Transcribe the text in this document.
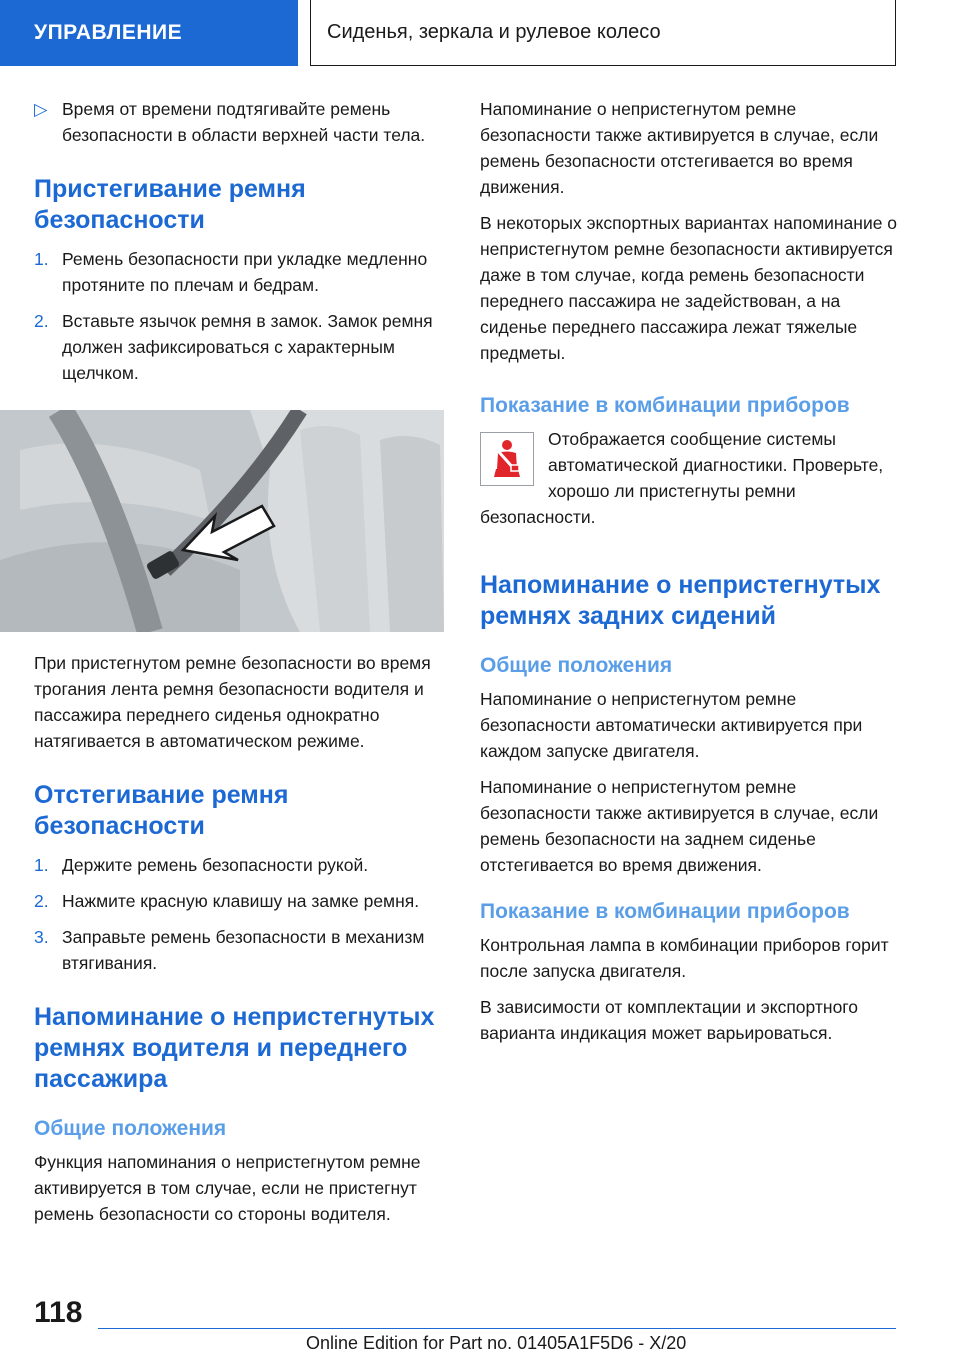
УПРАВЛЕНИЕ	Сиденья, зеркала и рулевое колесо
▷ Время от времени подтягивайте ремень безопасности в области верхней части тела.
Пристегивание ремня безопасности
1. Ремень безопасности при укладке медленно протяните по плечам и бедрам.
2. Вставьте язычок ремня в замок. Замок ремня должен зафиксироваться с характерным щелчком.

При пристегнутом ремне безопасности во время трогания лента ремня безопасности водителя и пассажира переднего сиденья однократно натягивается в автоматическом режиме.

Отстегивание ремня безопасности
1. Держите ремень безопасности рукой.
2. Нажмите красную клавишу на замке ремня.
3. Заправьте ремень безопасности в механизм втягивания.
Напоминание о непристегнутых ремнях водителя и переднего пассажира
Общие положения

Функция напоминания о непристегнутом ремне активируется в том случае, если не пристегнут ремень безопасности со стороны водителя.

Напоминание о непристегнутом ремне безопасности также активируется в случае, если ремень безопасности отстегивается во время движения.

В некоторых экспортных вариантах напоминание о непристегнутом ремне безопасности активируется даже в том случае, когда ремень безопасности переднего пассажира не задействован, а на сиденье переднего пассажира лежат тяжелые предметы.

Показание в комбинации приборов

Отображается сообщение системы автоматической диагностики. Проверьте, хорошо ли пристегнуты ремни безопасности.

Напоминание о непристегнутых ремнях задних сидений
Общие положения

Напоминание о непристегнутом ремне безопасности автоматически активируется при каждом запуске двигателя.

Напоминание о непристегнутом ремне безопасности также активируется в случае, если ремень безопасности на заднем сиденье отстегивается во время движения.

Показание в комбинации приборов

Контрольная лампа в комбинации приборов горит после запуска двигателя.

В зависимости от комплектации и экспортного варианта индикация может варьироваться.

118
Online Edition for Part no. 01405A1F5D6 - X/20
